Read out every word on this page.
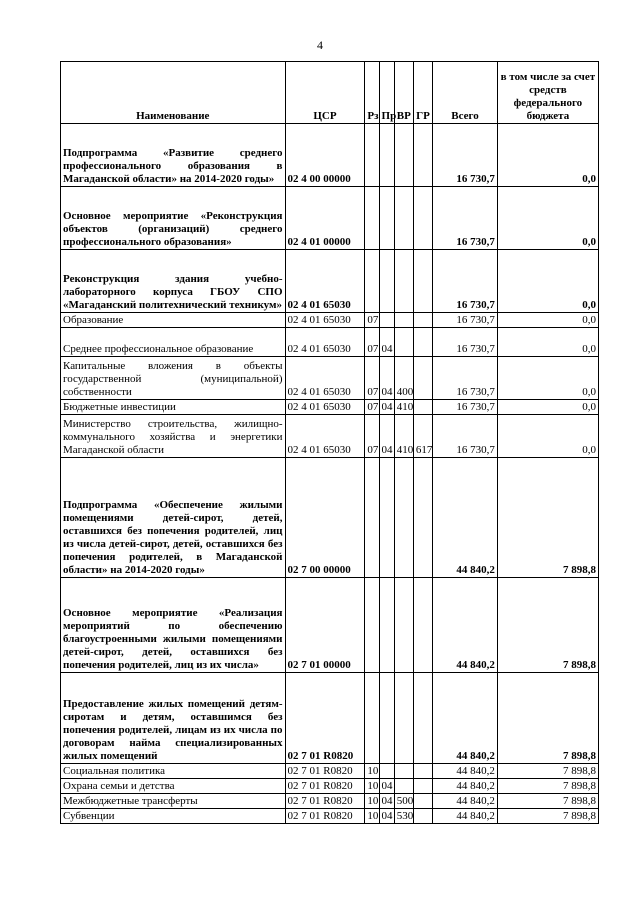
4
Наименование	ЦСР	Рз	Пр	ВР	ГР	Всего	в том числе за счет средств федерального бюджета
Подпрограмма «Развитие среднего профессионального образования в Магаданской области» на 2014-2020 годы»	02 4 00 00000					16 730,7	0,0
Основное мероприятие «Реконструкция объектов (организаций) среднего профессионального образования»	02 4 01 00000					16 730,7	0,0
Реконструкция здания учебно-лабораторного корпуса ГБОУ СПО «Магаданский политехнический техникум»	02 4 01 65030					16 730,7	0,0
Образование	02 4 01 65030	07				16 730,7	0,0
Среднее профессиональное образование	02 4 01 65030	07	04			16 730,7	0,0
Капитальные вложения в объекты государственной (муниципальной) собственности	02 4 01 65030	07	04	400		16 730,7	0,0
Бюджетные инвестиции	02 4 01 65030	07	04	410		16 730,7	0,0
Министерство строительства, жилищно-коммунального хозяйства и энергетики Магаданской области	02 4 01 65030	07	04	410	617	16 730,7	0,0
Подпрограмма «Обеспечение жилыми помещениями детей-сирот, детей, оставшихся без попечения родителей, лиц из числа детей-сирот, детей, оставшихся без попечения родителей, в Магаданской области» на 2014-2020 годы»	02 7 00 00000					44 840,2	7 898,8
Основное мероприятие «Реализация мероприятий по обеспечению благоустроенными жилыми помещениями детей-сирот, детей, оставшихся без попечения родителей, лиц из их числа»	02 7 01 00000					44 840,2	7 898,8
Предоставление жилых помещений детям-сиротам и детям, оставшимся без попечения родителей, лицам из их числа по договорам найма специализированных жилых помещений	02 7 01 R0820					44 840,2	7 898,8
Социальная политика	02 7 01 R0820	10				44 840,2	7 898,8
Охрана семьи и детства	02 7 01 R0820	10	04			44 840,2	7 898,8
Межбюджетные трансферты	02 7 01 R0820	10	04	500		44 840,2	7 898,8
Субвенции	02 7 01 R0820	10	04	530		44 840,2	7 898,8
